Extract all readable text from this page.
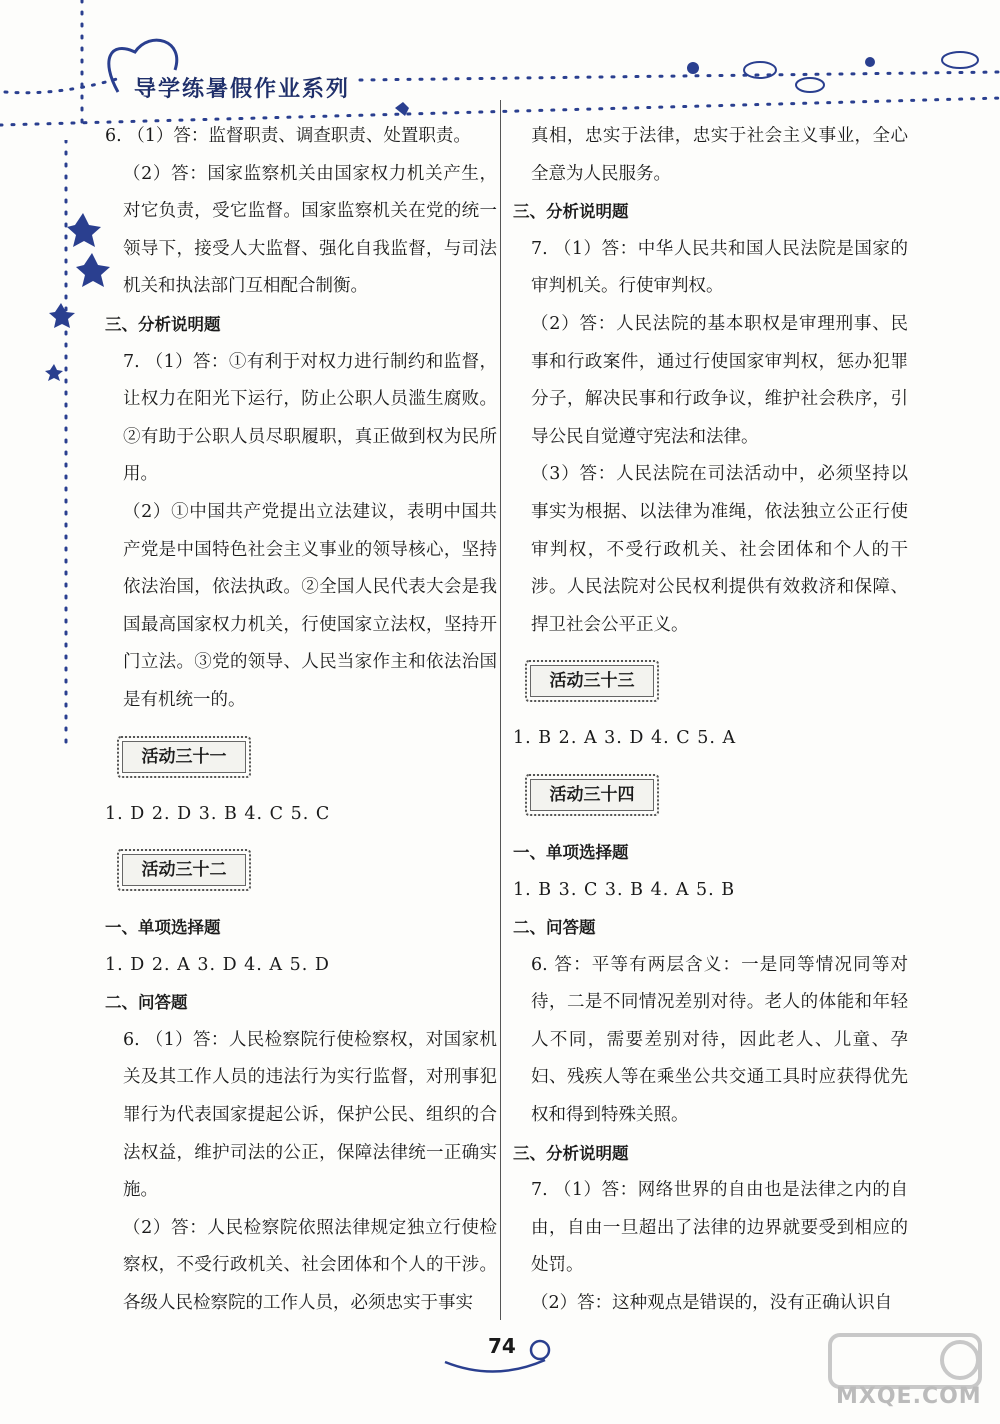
导学练暑假作业系列

6. （1）答：监督职责、调查职责、处置职责。

（2）答：国家监察机关由国家权力机关产生，对它负责，受它监督。国家监察机关在党的统一领导下，接受人大监督、强化自我监督，与司法机关和执法部门互相配合制衡。

三、分析说明题

7. （1）答：①有利于对权力进行制约和监督，让权力在阳光下运行，防止公职人员滥生腐败。②有助于公职人员尽职履职，真正做到权为民所用。

（2）①中国共产党提出立法建议，表明中国共产党是中国特色社会主义事业的领导核心，坚持依法治国，依法执政。②全国人民代表大会是我国最高国家权力机关，行使国家立法权，坚持开门立法。③党的领导、人民当家作主和依法治国是有机统一的。

活动三十一

1. D 2. D 3. B 4. C 5. C

活动三十二

一、单项选择题

1. D 2. A 3. D 4. A 5. D

二、问答题

6. （1）答：人民检察院行使检察权，对国家机关及其工作人员的违法行为实行监督，对刑事犯罪行为代表国家提起公诉，保护公民、组织的合法权益，维护司法的公正，保障法律统一正确实施。

（2）答：人民检察院依照法律规定独立行使检察权，不受行政机关、社会团体和个人的干涉。各级人民检察院的工作人员，必须忠实于事实

真相，忠实于法律，忠实于社会主义事业，全心全意为人民服务。

三、分析说明题

7. （1）答：中华人民共和国人民法院是国家的审判机关。行使审判权。

（2）答：人民法院的基本职权是审理刑事、民事和行政案件，通过行使国家审判权，惩办犯罪分子，解决民事和行政争议，维护社会秩序，引导公民自觉遵守宪法和法律。

（3）答：人民法院在司法活动中，必须坚持以事实为根据、以法律为准绳，依法独立公正行使审判权，不受行政机关、社会团体和个人的干涉。人民法院对公民权利提供有效救济和保障、捍卫社会公平正义。

活动三十三

1. B 2. A 3. D 4. C 5. A

活动三十四

一、单项选择题

1. B 3. C 3. B 4. A 5. B

二、问答题

6. 答：平等有两层含义：一是同等情况同等对待，二是不同情况差别对待。老人的体能和年轻人不同，需要差别对待，因此老人、儿童、孕妇、残疾人等在乘坐公共交通工具时应获得优先权和得到特殊关照。

三、分析说明题

7. （1）答：网络世界的自由也是法律之内的自由，自由一旦超出了法律的边界就要受到相应的处罚。

（2）答：这种观点是错误的，没有正确认识自

74
MXQE.COM
